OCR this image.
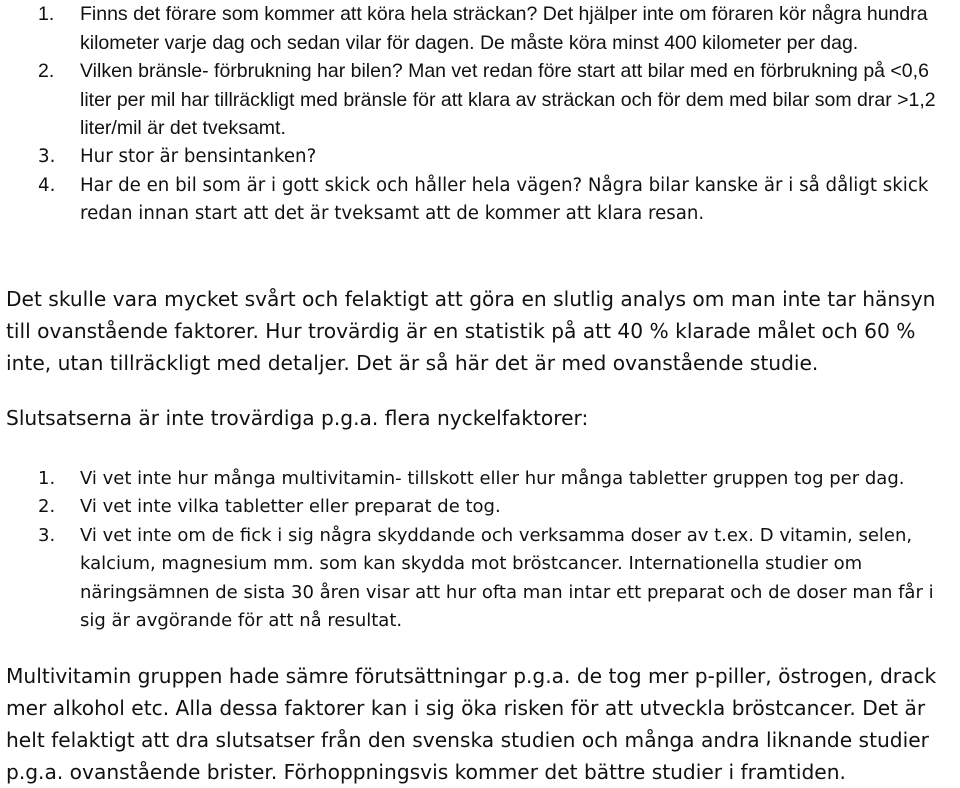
1. Finns det förare som kommer att köra hela sträckan? Det hjälper inte om föraren kör några hundra kilometer varje dag och sedan vilar för dagen. De måste köra minst 400 kilometer per dag.
2. Vilken bränsle- förbrukning har bilen? Man vet redan före start att bilar med en förbrukning på <0,6 liter per mil har tillräckligt med bränsle för att klara av sträckan och för dem med bilar som drar >1,2 liter/mil är det tveksamt.
3. Hur stor är bensintanken?
4. Har de en bil som är i gott skick och håller hela vägen? Några bilar kanske är i så dåligt skick redan innan start att det är tveksamt att de kommer att klara resan.

Det skulle vara mycket svårt och felaktigt att göra en slutlig analys om man inte tar hänsyn till ovanstående faktorer. Hur trovärdig är en statistik på att 40 % klarade målet och 60 % inte, utan tillräckligt med detaljer. Det är så här det är med ovanstående studie.

Slutsatserna är inte trovärdiga p.g.a. flera nyckelfaktorer:

1. Vi vet inte hur många multivitamin- tillskott eller hur många tabletter gruppen tog per dag.
2. Vi vet inte vilka tabletter eller preparat de tog.
3. Vi vet inte om de fick i sig några skyddande och verksamma doser av t.ex. D vitamin, selen, kalcium, magnesium mm. som kan skydda mot bröstcancer. Internationella studier om näringsämnen de sista 30 åren visar att hur ofta man intar ett preparat och de doser man får i sig är avgörande för att nå resultat.

Multivitamin gruppen hade sämre förutsättningar p.g.a. de tog mer p-piller, östrogen, drack mer alkohol etc. Alla dessa faktorer kan i sig öka risken för att utveckla bröstcancer. Det är helt felaktigt att dra slutsatser från den svenska studien och många andra liknande studier p.g.a. ovanstående brister. Förhoppningsvis kommer det bättre studier i framtiden.
